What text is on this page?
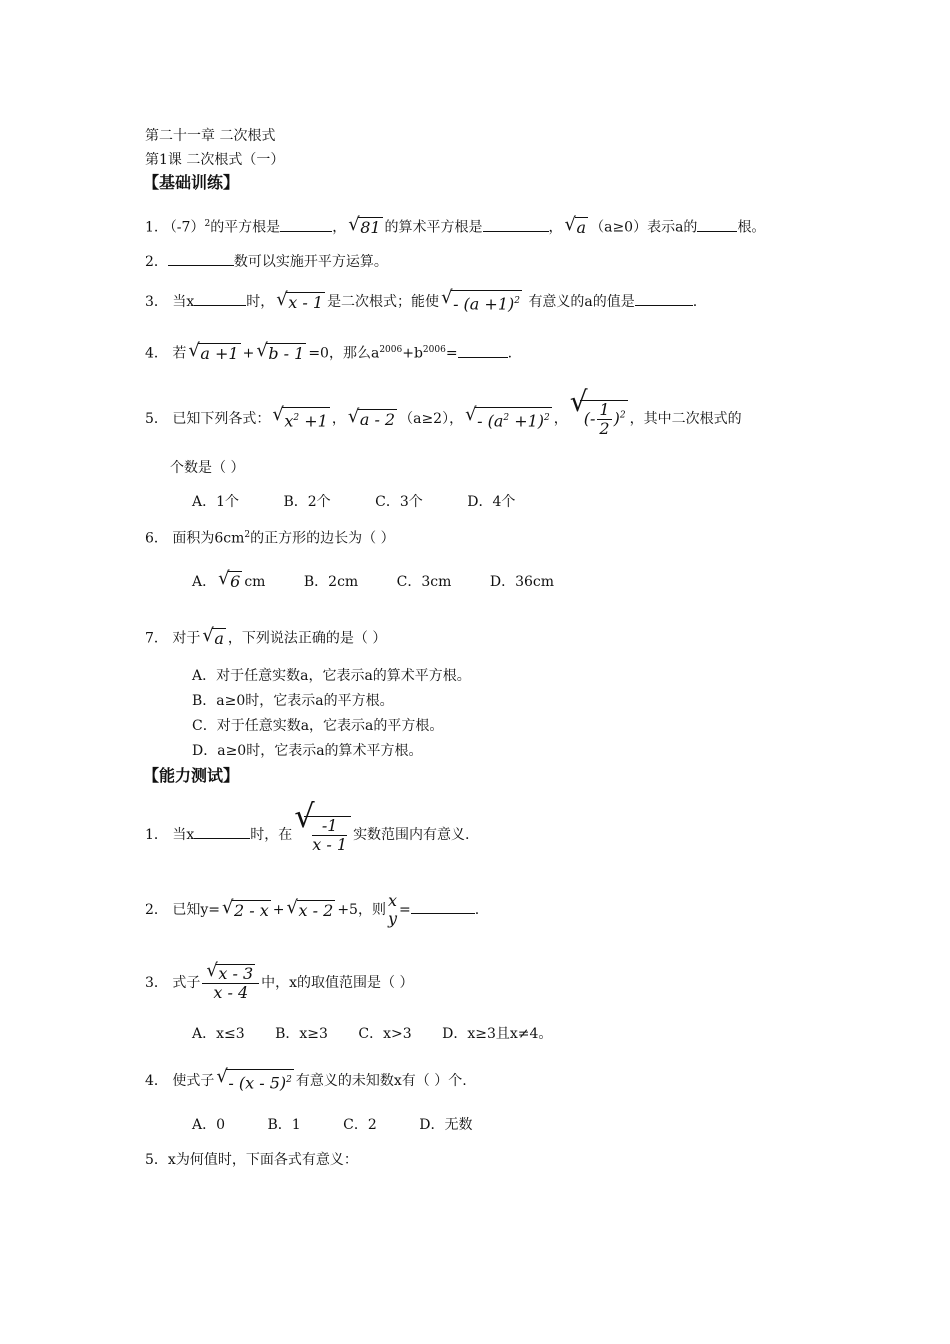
第二十一章 二次根式
第1课 二次根式（一）
【基础训练】
1. $(-7)^2$的平方根是	， √ 81 的算术平方根是	， √ a （a≥0）表示a的	根。
2．	数可以实施开平方运算。
3． 当x	时， √ x - 1 是二次根式；能使 √ - $(a +1)^2$ 有意义的a的值是	.
4． 若 √ a +1 + √ b - 1 =0，那么$a^{2006}+b^{2006}=$	.
5． 已知下列各式： √ $x^2 +1$ ， √ a - 2 （a≥2）， √ - $(a^2 +1)^2$ ，
√
(- $\frac{1}{2} )^2$ ，其中二次根式的
个数是（ ）
A．1个	B．2个	C．3个	D．4个
6． 面积为$6cm^2$的正方形的边长为（ ）
A． √ 6 cm	B．2cm	C．3cm	D．36cm
7． 对于 √ a ，下列说法正确的是（ ）
A．对于任意实数a，它表示a的算术平方根。
B．a≥0时，它表示a的平方根。
C．对于任意实数a，它表示a的平方根。
D．a≥0时，它表示a的算术平方根。
【能力测试】
1． 当x	时，在 √
$\frac{-1}{x - 1}$ 实数范围内有意义.
2． 已知y= √ 2 - x + √ x - 2 +5，则 x
y =	.
3． 式子 $\frac{√ x - 3}{x - 4}$ 中，x的取值范围是（ ）
A．x≤3 B．x≥3 C．x>3 D．x≥3且x≠4。
4． 使式子 √ - (x - 5)$^2$ 有意义的未知数x有（ ）个.
A．0	B．1	C．2	D．无数
5．x为何值时，下面各式有意义：
